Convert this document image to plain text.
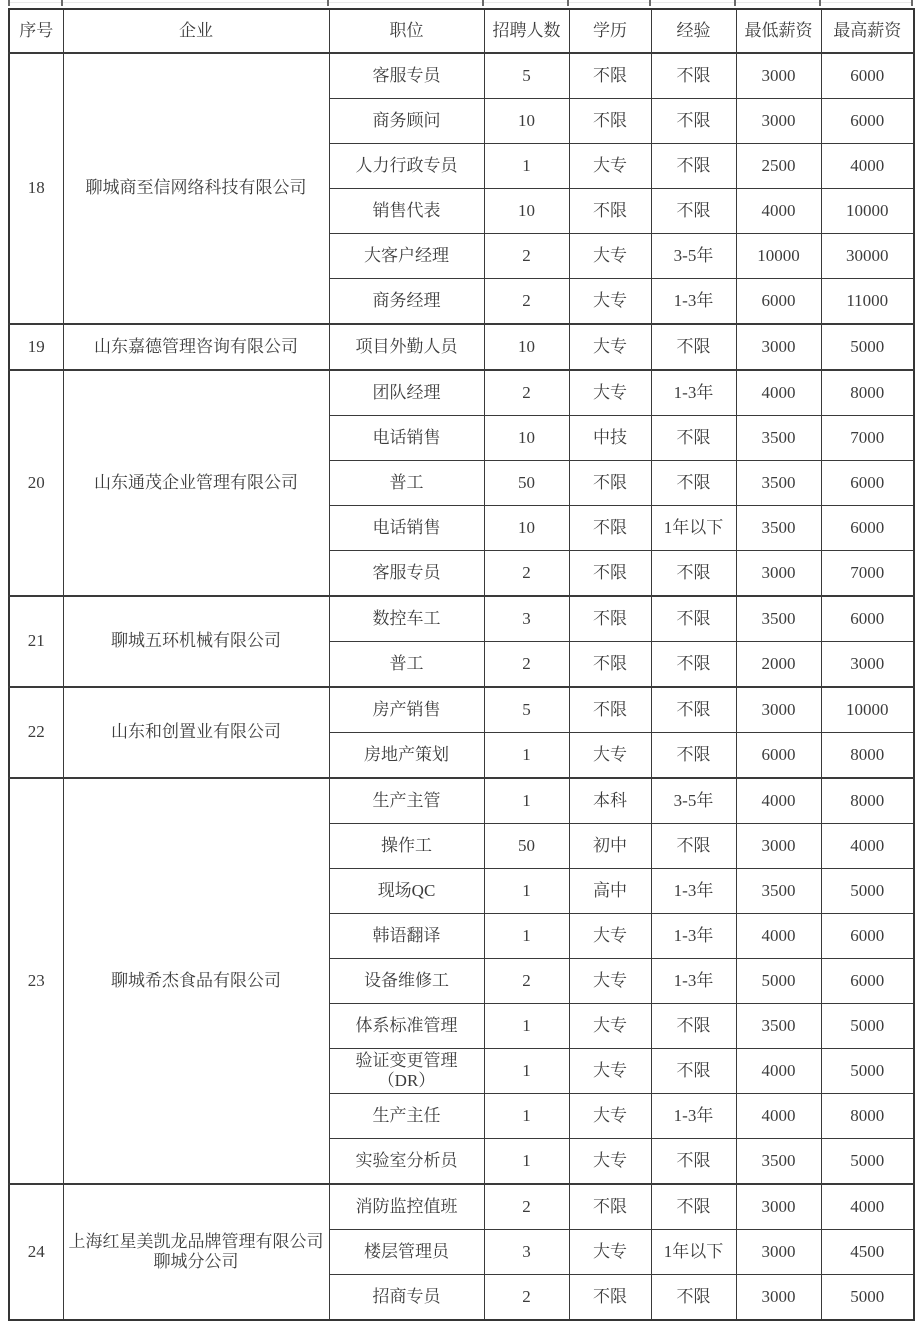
序号	企业	职位	招聘人数	学历	经验	最低薪资	最高薪资
18	聊城商至信网络科技有限公司	客服专员	5	不限	不限	3000	6000
		商务顾问	10	不限	不限	3000	6000
		人力行政专员	1	大专	不限	2500	4000
		销售代表	10	不限	不限	4000	10000
		大客户经理	2	大专	3-5年	10000	30000
		商务经理	2	大专	1-3年	6000	11000
19	山东嘉德管理咨询有限公司	项目外勤人员	10	大专	不限	3000	5000
20	山东通茂企业管理有限公司	团队经理	2	大专	1-3年	4000	8000
		电话销售	10	中技	不限	3500	7000
		普工	50	不限	不限	3500	6000
		电话销售	10	不限	1年以下	3500	6000
		客服专员	2	不限	不限	3000	7000
21	聊城五环机械有限公司	数控车工	3	不限	不限	3500	6000
		普工	2	不限	不限	2000	3000
22	山东和创置业有限公司	房产销售	5	不限	不限	3000	10000
		房地产策划	1	大专	不限	6000	8000
23	聊城希杰食品有限公司	生产主管	1	本科	3-5年	4000	8000
		操作工	50	初中	不限	3000	4000
		现场QC	1	高中	1-3年	3500	5000
		韩语翻译	1	大专	1-3年	4000	6000
		设备维修工	2	大专	1-3年	5000	6000
		体系标准管理	1	大专	不限	3500	5000
		验证变更管理（DR）	1	大专	不限	4000	5000
		生产主任	1	大专	1-3年	4000	8000
		实验室分析员	1	大专	不限	3500	5000
24	上海红星美凯龙品牌管理有限公司聊城分公司	消防监控值班	2	不限	不限	3000	4000
		楼层管理员	3	大专	1年以下	3000	4500
		招商专员	2	不限	不限	3000	5000
